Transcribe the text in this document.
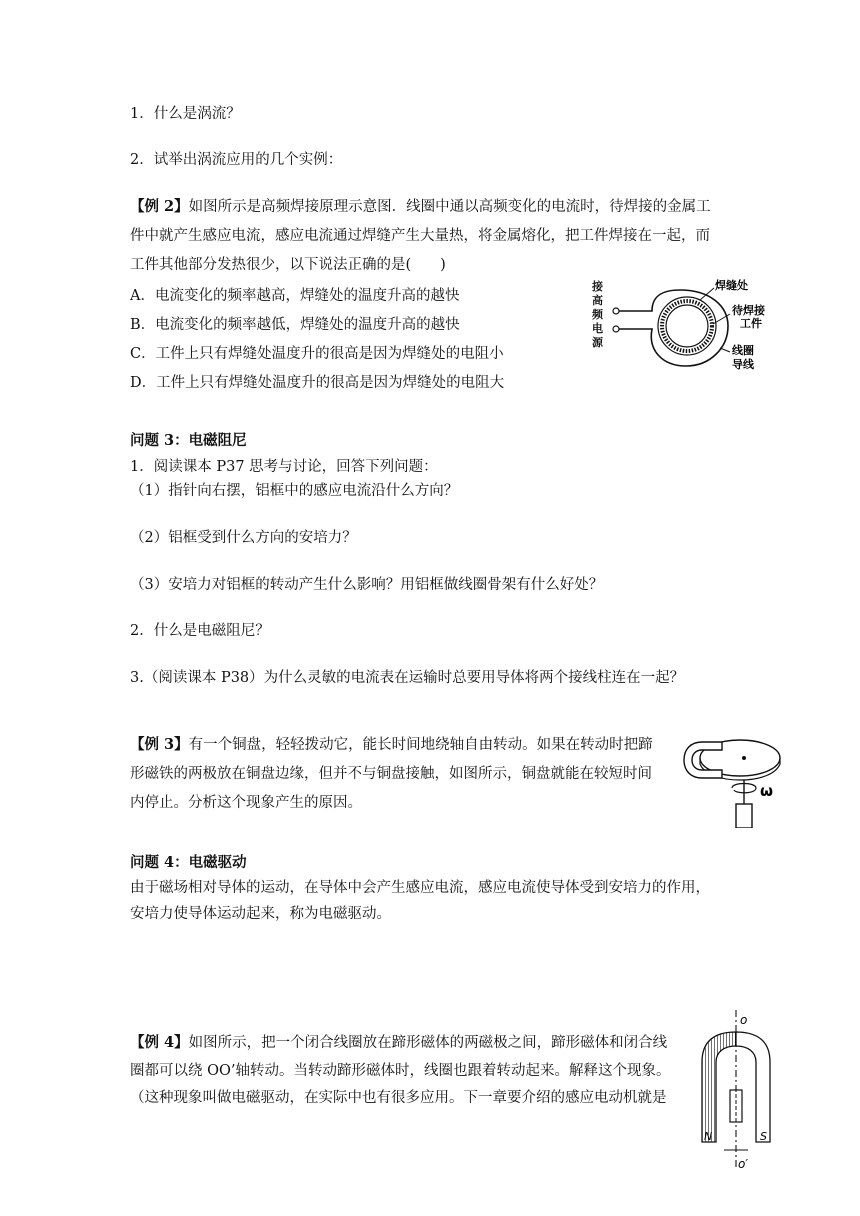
1．什么是涡流？
2．试举出涡流应用的几个实例：
【例 2】如图所示是高频焊接原理示意图．线圈中通以高频变化的电流时，待焊接的金属工
件中就产生感应电流，感应电流通过焊缝产生大量热，将金属熔化，把工件焊接在一起，而
工件其他部分发热很少，以下说法正确的是(　　)
A．电流变化的频率越高，焊缝处的温度升高的越快
B．电流变化的频率越低，焊缝处的温度升高的越快
C．工件上只有焊缝处温度升的很高是因为焊缝处的电阻小
D．工件上只有焊缝处温度升的很高是因为焊缝处的电阻大
接
高
频
电
源
焊缝处
待焊接
工件
线圈
导线
问题 3：电磁阻尼
1．阅读课本 P37 思考与讨论，回答下列问题：
（1）指针向右摆，铝框中的感应电流沿什么方向？
（2）铝框受到什么方向的安培力？
（3）安培力对铝框的转动产生什么影响？用铝框做线圈骨架有什么好处？
2．什么是电磁阻尼？
3.（阅读课本 P38）为什么灵敏的电流表在运输时总要用导体将两个接线柱连在一起？
【例 3】有一个铜盘，轻轻拨动它，能长时间地绕轴自由转动。如果在转动时把蹄
形磁铁的两极放在铜盘边缘，但并不与铜盘接触，如图所示，铜盘就能在较短时间
内停止。分析这个现象产生的原因。
ω
问题 4：电磁驱动
由于磁场相对导体的运动，在导体中会产生感应电流，感应电流使导体受到安培力的作用，
安培力使导体运动起来，称为电磁驱动。
【例 4】如图所示，把一个闭合线圈放在蹄形磁体的两磁极之间，蹄形磁体和闭合线
圈都可以绕 OO’轴转动。当转动蹄形磁体时，线圈也跟着转动起来。解释这个现象。
（这种现象叫做电磁驱动，在实际中也有很多应用。下一章要介绍的感应电动机就是
o
N	S
o′
